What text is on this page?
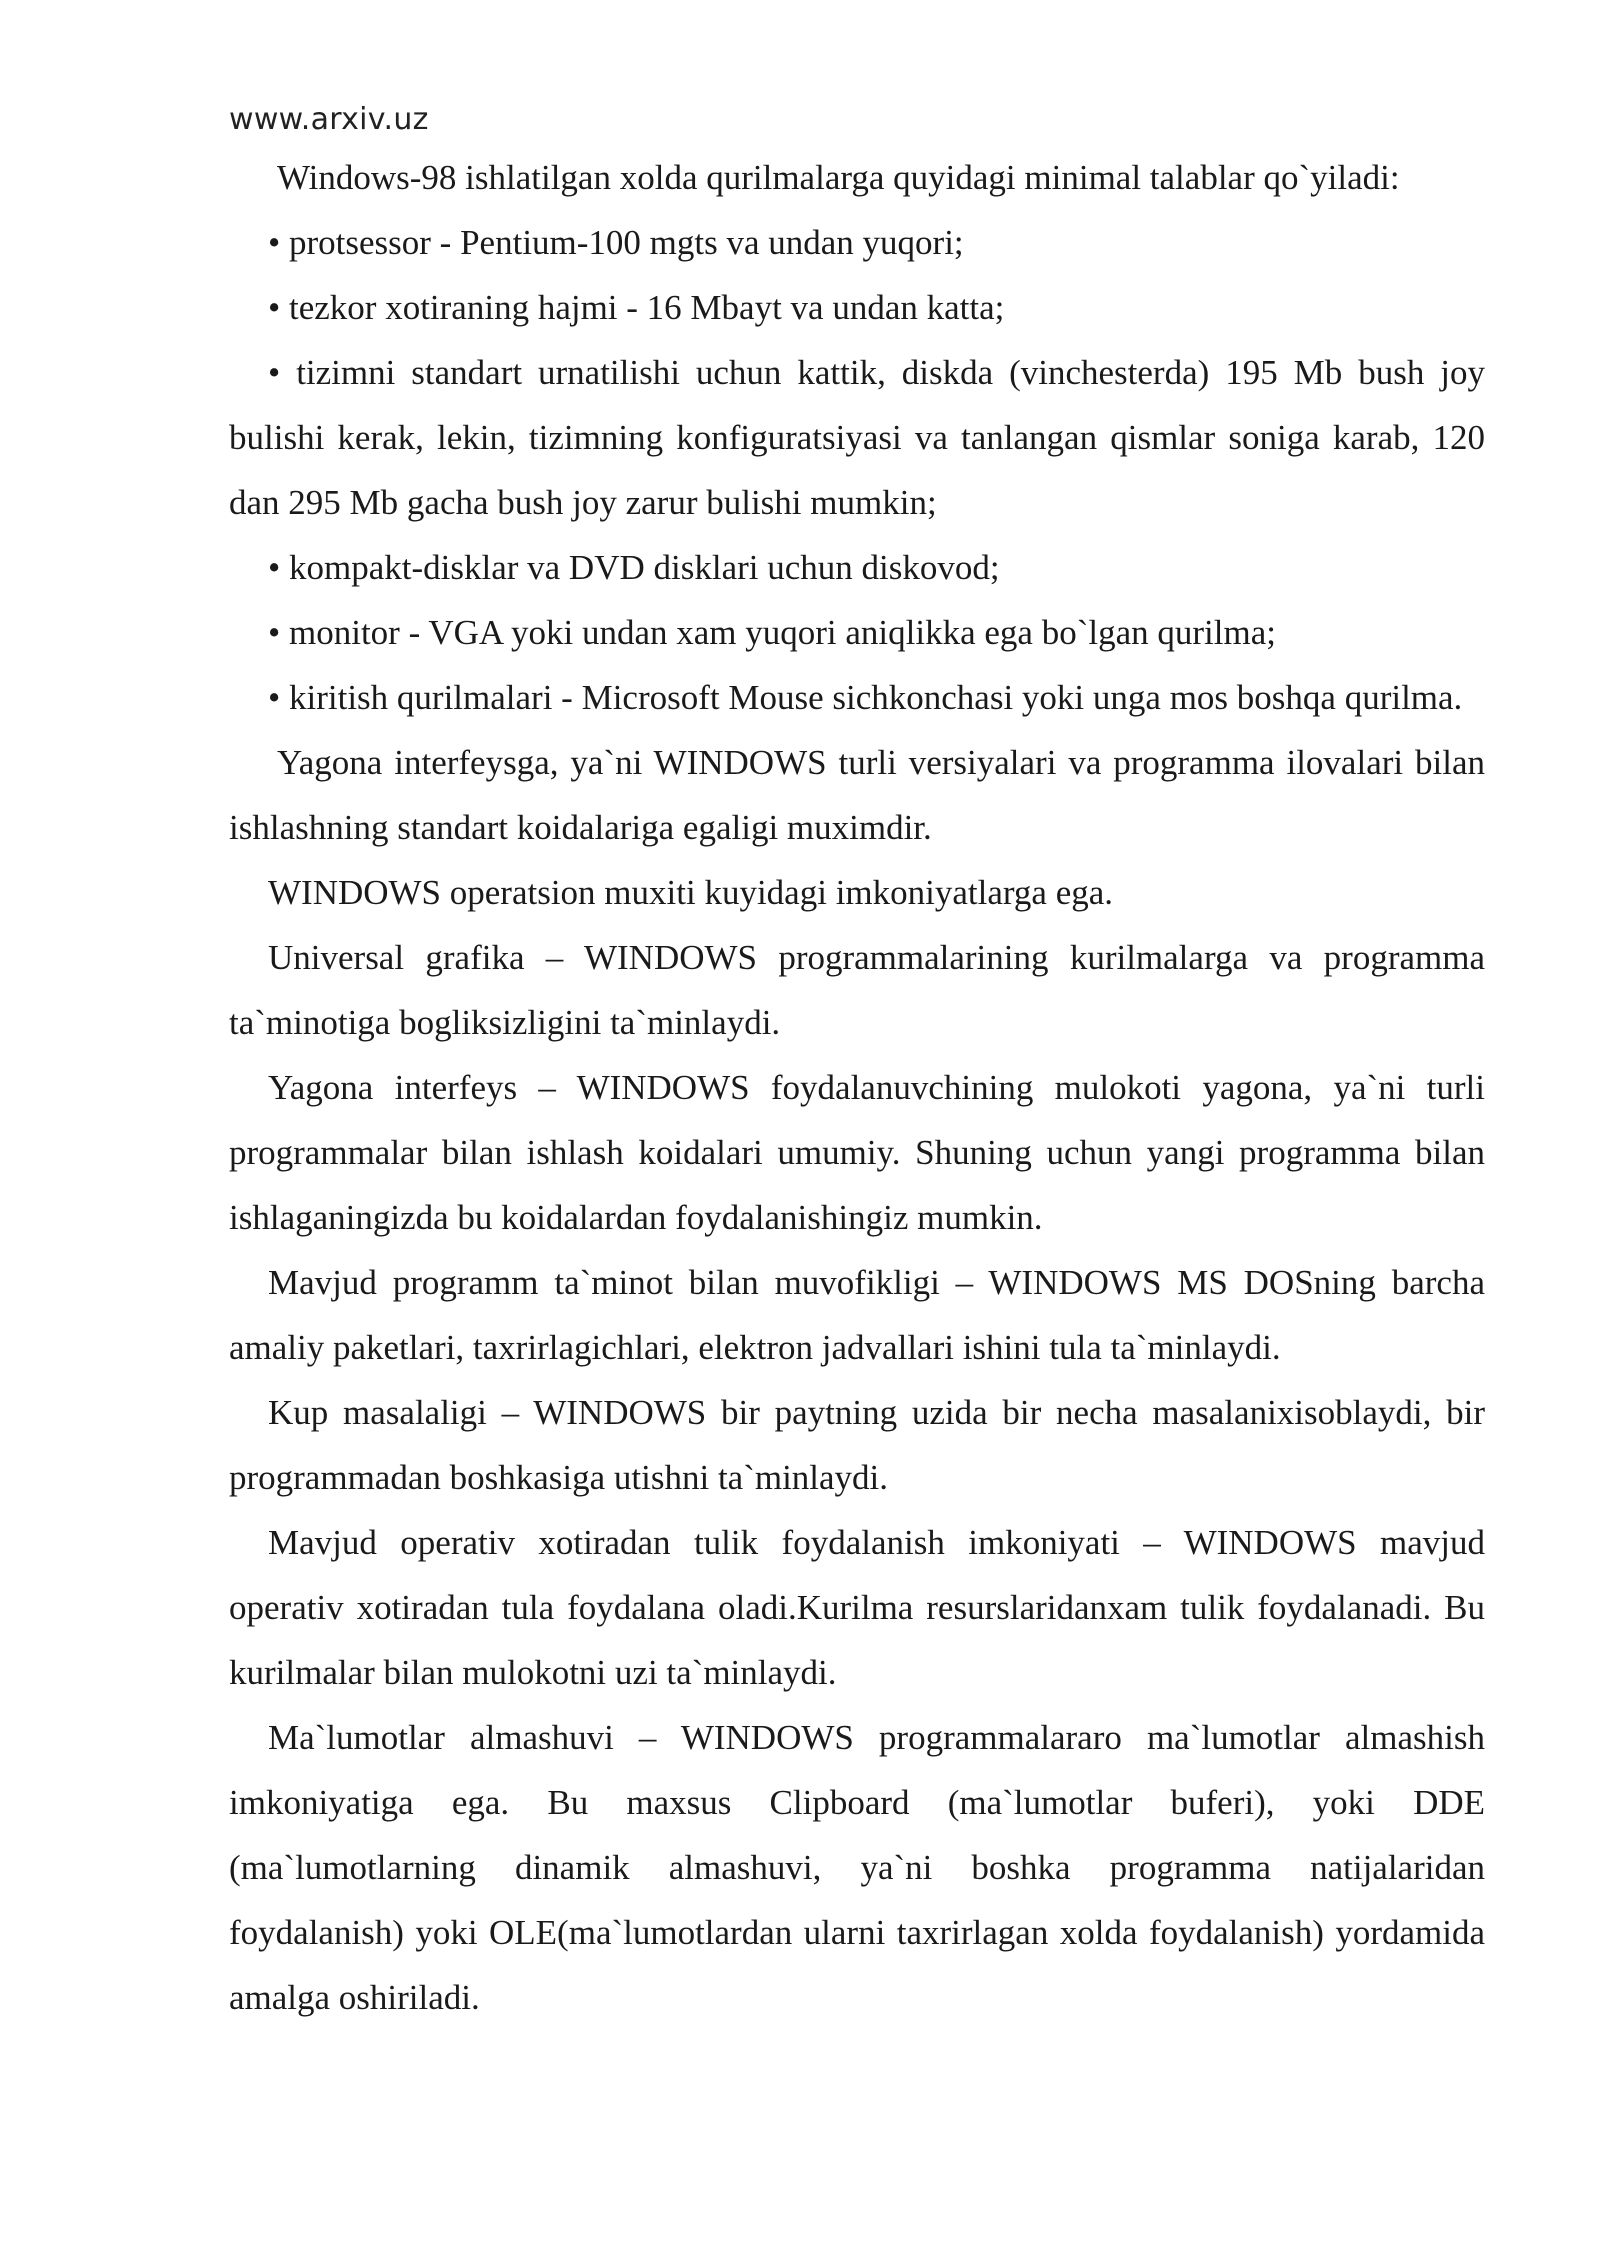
www.arxiv.uz

Windows-98 ishlatilgan xolda qurilmalarga quyidagi minimal talablar qo`yiladi:

• protsessor - Pentium-100 mgts va undan yuqori;

• tezkor xotiraning hajmi - 16 Mbayt va undan katta;

• tizimni standart urnatilishi uchun kattik, diskda (vinchesterda) 195 Mb bush joy bulishi kerak, lekin, tizimning konfiguratsiyasi va tanlangan qismlar soniga karab, 120 dan 295 Mb gacha bush joy zarur bulishi mumkin;

• kompakt-disklar va DVD disklari uchun diskovod;

• monitor - VGA yoki undan xam yuqori aniqlikka ega bo`lgan qurilma;

• kiritish qurilmalari - Microsoft Mouse sichkonchasi yoki unga mos boshqa qurilma.

Yagona interfeysga, ya`ni WINDOWS turli versiyalari va programma ilovalari bilan ishlashning standart koidalariga egaligi muximdir.

WINDOWS operatsion muxiti kuyidagi imkoniyatlarga ega.

Universal grafika – WINDOWS programmalarining kurilmalarga va programma ta`minotiga bogliksizligini ta`minlaydi.

Yagona interfeys – WINDOWS foydalanuvchining mulokoti yagona, ya`ni turli programmalar bilan ishlash koidalari umumiy. Shuning uchun yangi programma bilan ishlaganingizda bu koidalardan foydalanishingiz mumkin.

Mavjud programm ta`minot bilan muvofikligi – WINDOWS MS DOSning barcha amaliy paketlari, taxrirlagichlari, elektron jadvallari ishini tula ta`minlaydi.

Kup masalaligi – WINDOWS bir paytning uzida bir necha masalanixisoblaydi, bir programmadan boshkasiga utishni ta`minlaydi.

Mavjud operativ xotiradan tulik foydalanish imkoniyati – WINDOWS mavjud operativ xotiradan tula foydalana oladi.Kurilma resurslaridanxam tulik foydalanadi. Bu kurilmalar bilan mulokotni uzi ta`minlaydi.

Ma`lumotlar almashuvi – WINDOWS programmalararo ma`lumotlar almashish imkoniyatiga ega. Bu maxsus Clipboard (ma`lumotlar buferi), yoki DDE (ma`lumotlarning dinamik almashuvi, ya`ni boshka programma natijalaridan foydalanish) yoki OLE(ma`lumotlardan ularni taxrirlagan xolda foydalanish) yordamida amalga oshiriladi.
